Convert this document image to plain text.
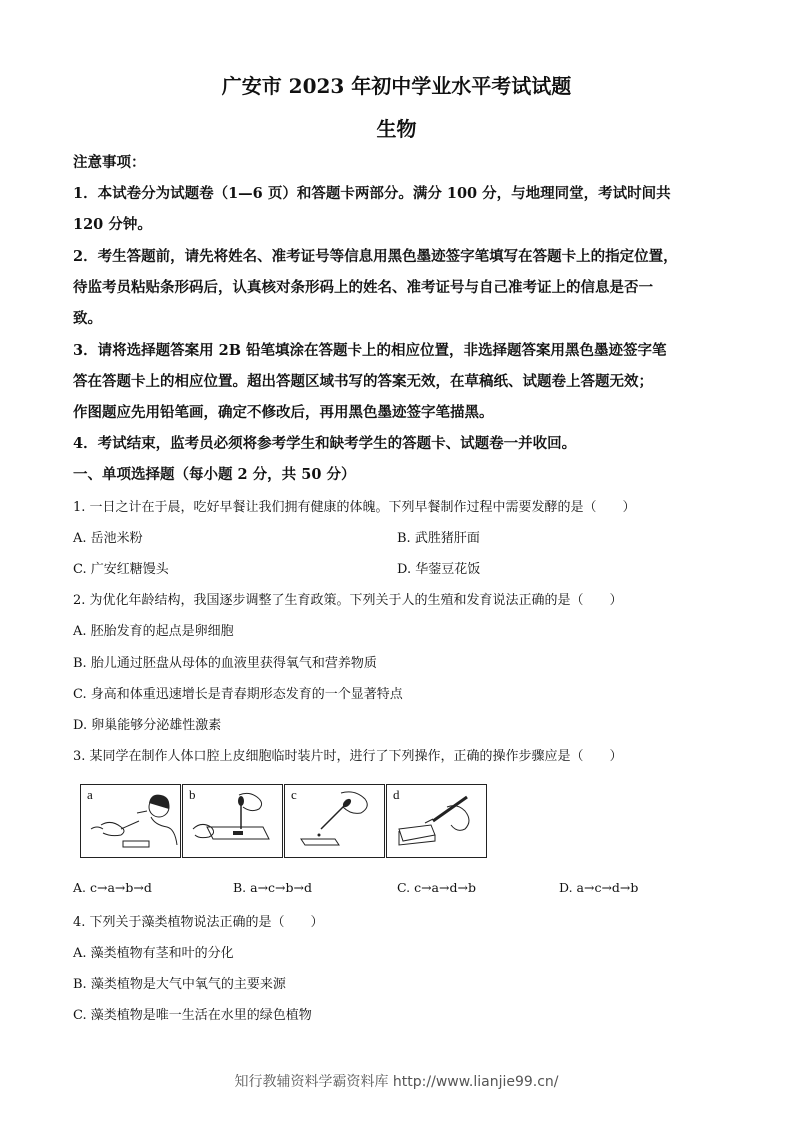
广安市 2023 年初中学业水平考试试题
生物
注意事项：
1．本试卷分为试题卷（1—6 页）和答题卡两部分。满分 100 分，与地理同堂，考试时间共
120 分钟。
2．考生答题前，请先将姓名、准考证号等信息用黑色墨迹签字笔填写在答题卡上的指定位置，
待监考员粘贴条形码后，认真核对条形码上的姓名、准考证号与自己准考证上的信息是否一
致。
3．请将选择题答案用 2B 铅笔填涂在答题卡上的相应位置，非选择题答案用黑色墨迹签字笔
答在答题卡上的相应位置。超出答题区域书写的答案无效，在草稿纸、试题卷上答题无效；
作图题应先用铅笔画，确定不修改后，再用黑色墨迹签字笔描黑。
4．考试结束，监考员必须将参考学生和缺考学生的答题卡、试题卷一并收回。
一、单项选择题（每小题 2 分，共 50 分）
1. 一日之计在于晨，吃好早餐让我们拥有健康的体魄。下列早餐制作过程中需要发酵的是（　　）
A. 岳池米粉	B. 武胜猪肝面
C. 广安红糖馒头	D. 华蓥豆花饭
2. 为优化年龄结构，我国逐步调整了生育政策。下列关于人的生殖和发育说法正确的是（　　）
A. 胚胎发育的起点是卵细胞
B. 胎儿通过胚盘从母体的血液里获得氧气和营养物质
C. 身高和体重迅速增长是青春期形态发育的一个显著特点
D. 卵巢能够分泌雄性激素
3. 某同学在制作人体口腔上皮细胞临时装片时，进行了下列操作，正确的操作步骤应是（　　）
a	b	c	d
A. c→a→b→d	B. a→c→b→d	C. c→a→d→b	D. a→c→d→b
4. 下列关于藻类植物说法正确的是（　　）
A. 藻类植物有茎和叶的分化
B. 藻类植物是大气中氧气的主要来源
C. 藻类植物是唯一生活在水里的绿色植物
知行教辅资料学霸资料库 http://www.lianjie99.cn/
